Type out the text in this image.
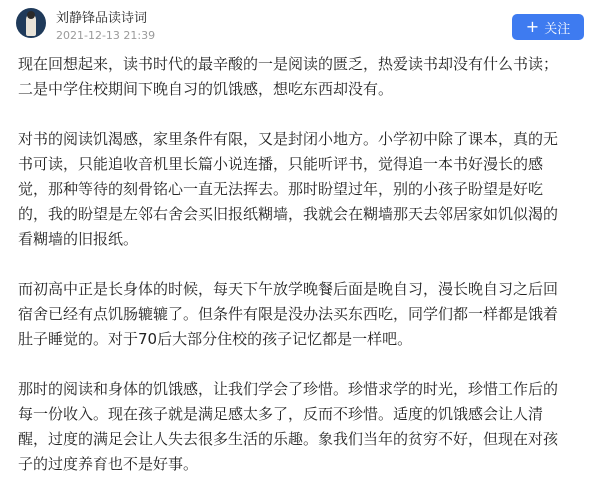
刘静锋品读诗词
2021-12-13 21:39	+ 关注
现在回想起来，读书时代的最辛酸的一是阅读的匮乏，热爱读书却没有什么书读；
二是中学住校期间下晚自习的饥饿感，想吃东西却没有。
对书的阅读饥渴感，家里条件有限，又是封闭小地方。小学初中除了课本，真的无
书可读，只能追收音机里长篇小说连播，只能听评书，觉得追一本书好漫长的感
觉，那种等待的刻骨铭心一直无法挥去。那时盼望过年，别的小孩子盼望是好吃
的，我的盼望是左邻右舍会买旧报纸糊墙，我就会在糊墙那天去邻居家如饥似渴的
看糊墙的旧报纸。
而初高中正是长身体的时候，每天下午放学晚餐后面是晚自习，漫长晚自习之后回
宿舍已经有点饥肠辘辘了。但条件有限是没办法买东西吃，同学们都一样都是饿着
肚子睡觉的。对于70后大部分住校的孩子记忆都是一样吧。
那时的阅读和身体的饥饿感，让我们学会了珍惜。珍惜求学的时光，珍惜工作后的
每一份收入。现在孩子就是满足感太多了，反而不珍惜。适度的饥饿感会让人清
醒，过度的满足会让人失去很多生活的乐趣。象我们当年的贫穷不好，但现在对孩
子的过度养育也不是好事。
